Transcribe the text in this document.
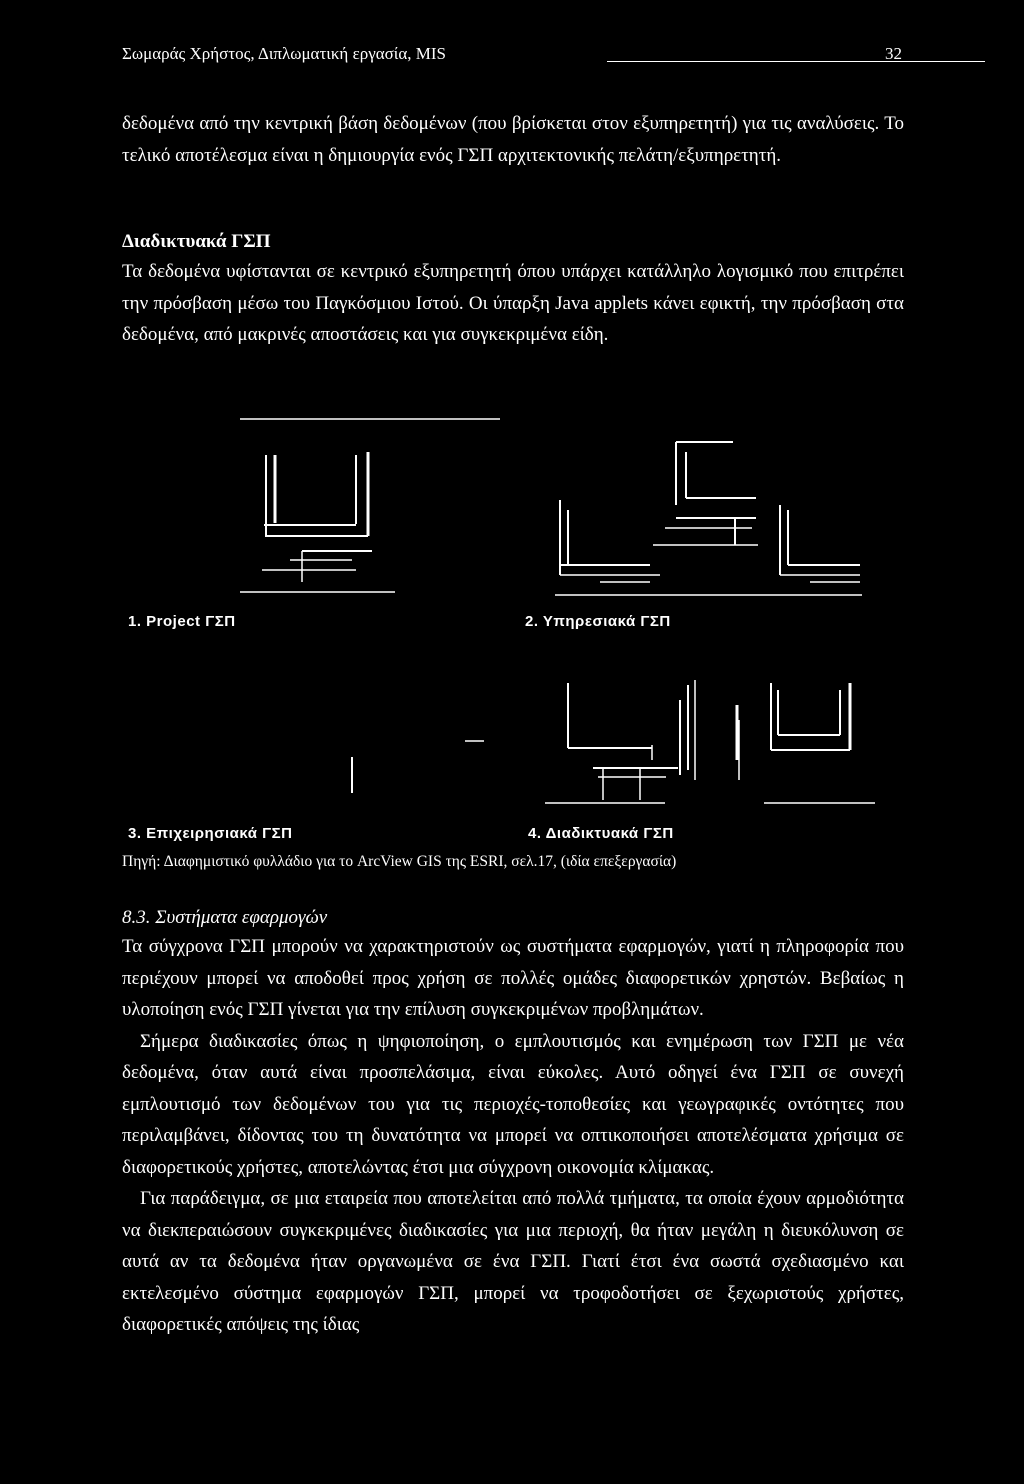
Σωμαράς Χρήστος, Διπλωματική εργασία, MIS	32

δεδομένα από την κεντρική βάση δεδομένων (που βρίσκεται στον εξυπηρετητή) για τις αναλύσεις. Το τελικό αποτέλεσμα είναι η δημιουργία ενός ΓΣΠ αρχιτεκτονικής πελάτη/εξυπηρετητή.

Διαδικτυακά ΓΣΠ

Τα δεδομένα υφίστανται σε κεντρικό εξυπηρετητή όπου υπάρχει κατάλληλο λογισμικό που επιτρέπει την πρόσβαση μέσω του Παγκόσμιου Ιστού. Οι ύπαρξη Java applets κάνει εφικτή, την πρόσβαση στα δεδομένα, από μακρινές αποστάσεις και για συγκεκριμένα είδη.

1. Project ΓΣΠ	2. Υπηρεσιακά ΓΣΠ
3. Επιχειρησιακά ΓΣΠ	4. Διαδικτυακά ΓΣΠ
Πηγή: Διαφημιστικό φυλλάδιο για το ArcView GIS της ESRI, σελ.17, (ιδία επεξεργασία)
8.3. Συστήματα εφαρμογών

Τα σύγχρονα ΓΣΠ μπορούν να χαρακτηριστούν ως συστήματα εφαρμογών, γιατί η πληροφορία που περιέχουν μπορεί να αποδοθεί προς χρήση σε πολλές ομάδες διαφορετικών χρηστών. Βεβαίως η υλοποίηση ενός ΓΣΠ γίνεται για την επίλυση συγκεκριμένων προβλημάτων.

Σήμερα διαδικασίες όπως η ψηφιοποίηση, ο εμπλουτισμός και ενημέρωση των ΓΣΠ με νέα δεδομένα, όταν αυτά είναι προσπελάσιμα, είναι εύκολες. Αυτό οδηγεί ένα ΓΣΠ σε συνεχή εμπλουτισμό των δεδομένων του για τις περιοχές-τοποθεσίες και γεωγραφικές οντότητες που περιλαμβάνει, δίδοντας του τη δυνατότητα να μπορεί να οπτικοποιήσει αποτελέσματα χρήσιμα σε διαφορετικούς χρήστες, αποτελώντας έτσι μια σύγχρονη οικονομία κλίμακας.

Για παράδειγμα, σε μια εταιρεία που αποτελείται από πολλά τμήματα, τα οποία έχουν αρμοδιότητα να διεκπεραιώσουν συγκεκριμένες διαδικασίες για μια περιοχή, θα ήταν μεγάλη η διευκόλυνση σε αυτά αν τα δεδομένα ήταν οργανωμένα σε ένα ΓΣΠ. Γιατί έτσι ένα σωστά σχεδιασμένο και εκτελεσμένο σύστημα εφαρμογών ΓΣΠ, μπορεί να τροφοδοτήσει σε ξεχωριστούς χρήστες, διαφορετικές απόψεις της ίδιας
